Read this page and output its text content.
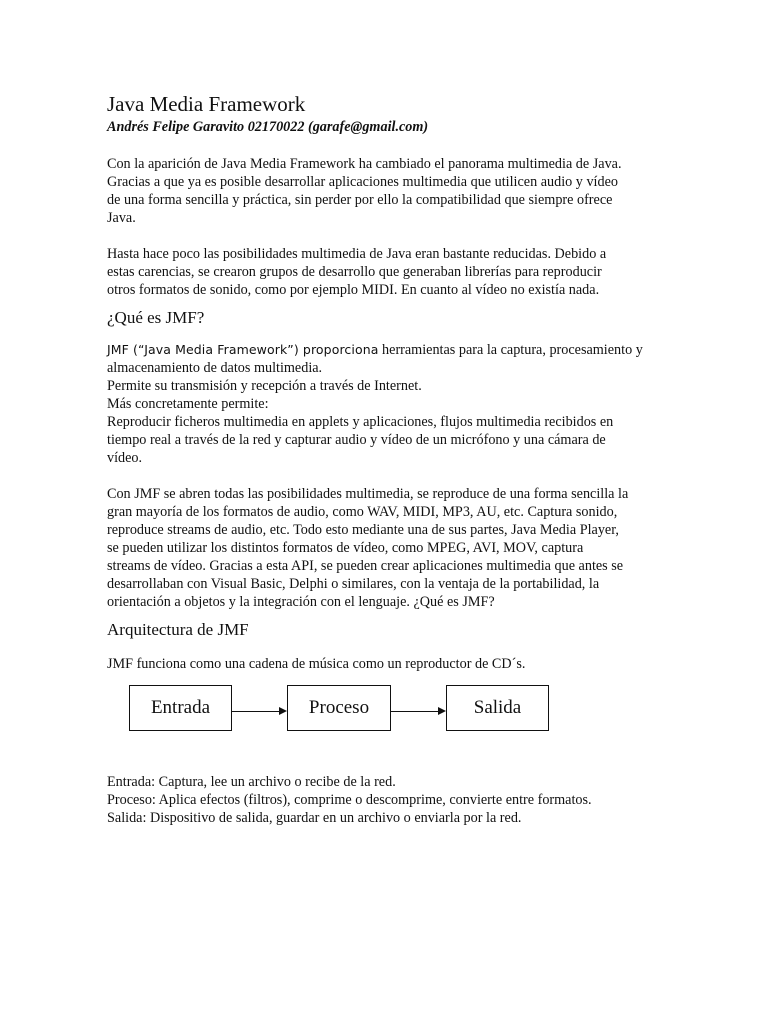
Java Media Framework
Andrés Felipe Garavito 02170022 (garafe@gmail.com)

Con la aparición de Java Media Framework ha cambiado el panorama multimedia de Java.

Gracias a que ya es posible desarrollar aplicaciones multimedia que utilicen audio y vídeo

de una forma sencilla y práctica, sin perder por ello la compatibilidad que siempre ofrece

Java.

Hasta hace poco las posibilidades multimedia de Java eran bastante reducidas. Debido a

estas carencias, se crearon grupos de desarrollo que generaban librerías para reproducir

otros formatos de sonido, como por ejemplo MIDI. En cuanto al vídeo no existía nada.

¿Qué es JMF?

JMF (“Java Media Framework”) proporciona herramientas para la captura, procesamiento y

almacenamiento de datos multimedia.

Permite su transmisión y recepción a través de Internet.

Más concretamente permite:

Reproducir ficheros multimedia en applets y aplicaciones, flujos multimedia recibidos en

tiempo real a través de la red y capturar audio y vídeo de un micrófono y una cámara de

vídeo.

Con JMF se abren todas las posibilidades multimedia, se reproduce de una forma sencilla la

gran mayoría de los formatos de audio, como WAV, MIDI, MP3, AU, etc. Captura sonido,

reproduce streams de audio, etc. Todo esto mediante una de sus partes, Java Media Player,

se pueden utilizar los distintos formatos de vídeo, como MPEG, AVI, MOV, captura

streams de vídeo. Gracias a esta API, se pueden crear aplicaciones multimedia que antes se

desarrollaban con Visual Basic, Delphi o similares, con la ventaja de la portabilidad, la

orientación a objetos y la integración con el lenguaje. ¿Qué es JMF?

Arquitectura de JMF

JMF funciona como una cadena de música como un reproductor de CD´s.

Entrada	Proceso	Salida

Entrada: Captura, lee un archivo o recibe de la red.

Proceso: Aplica efectos (filtros), comprime o descomprime, convierte entre formatos.

Salida: Dispositivo de salida, guardar en un archivo o enviarla por la red.
